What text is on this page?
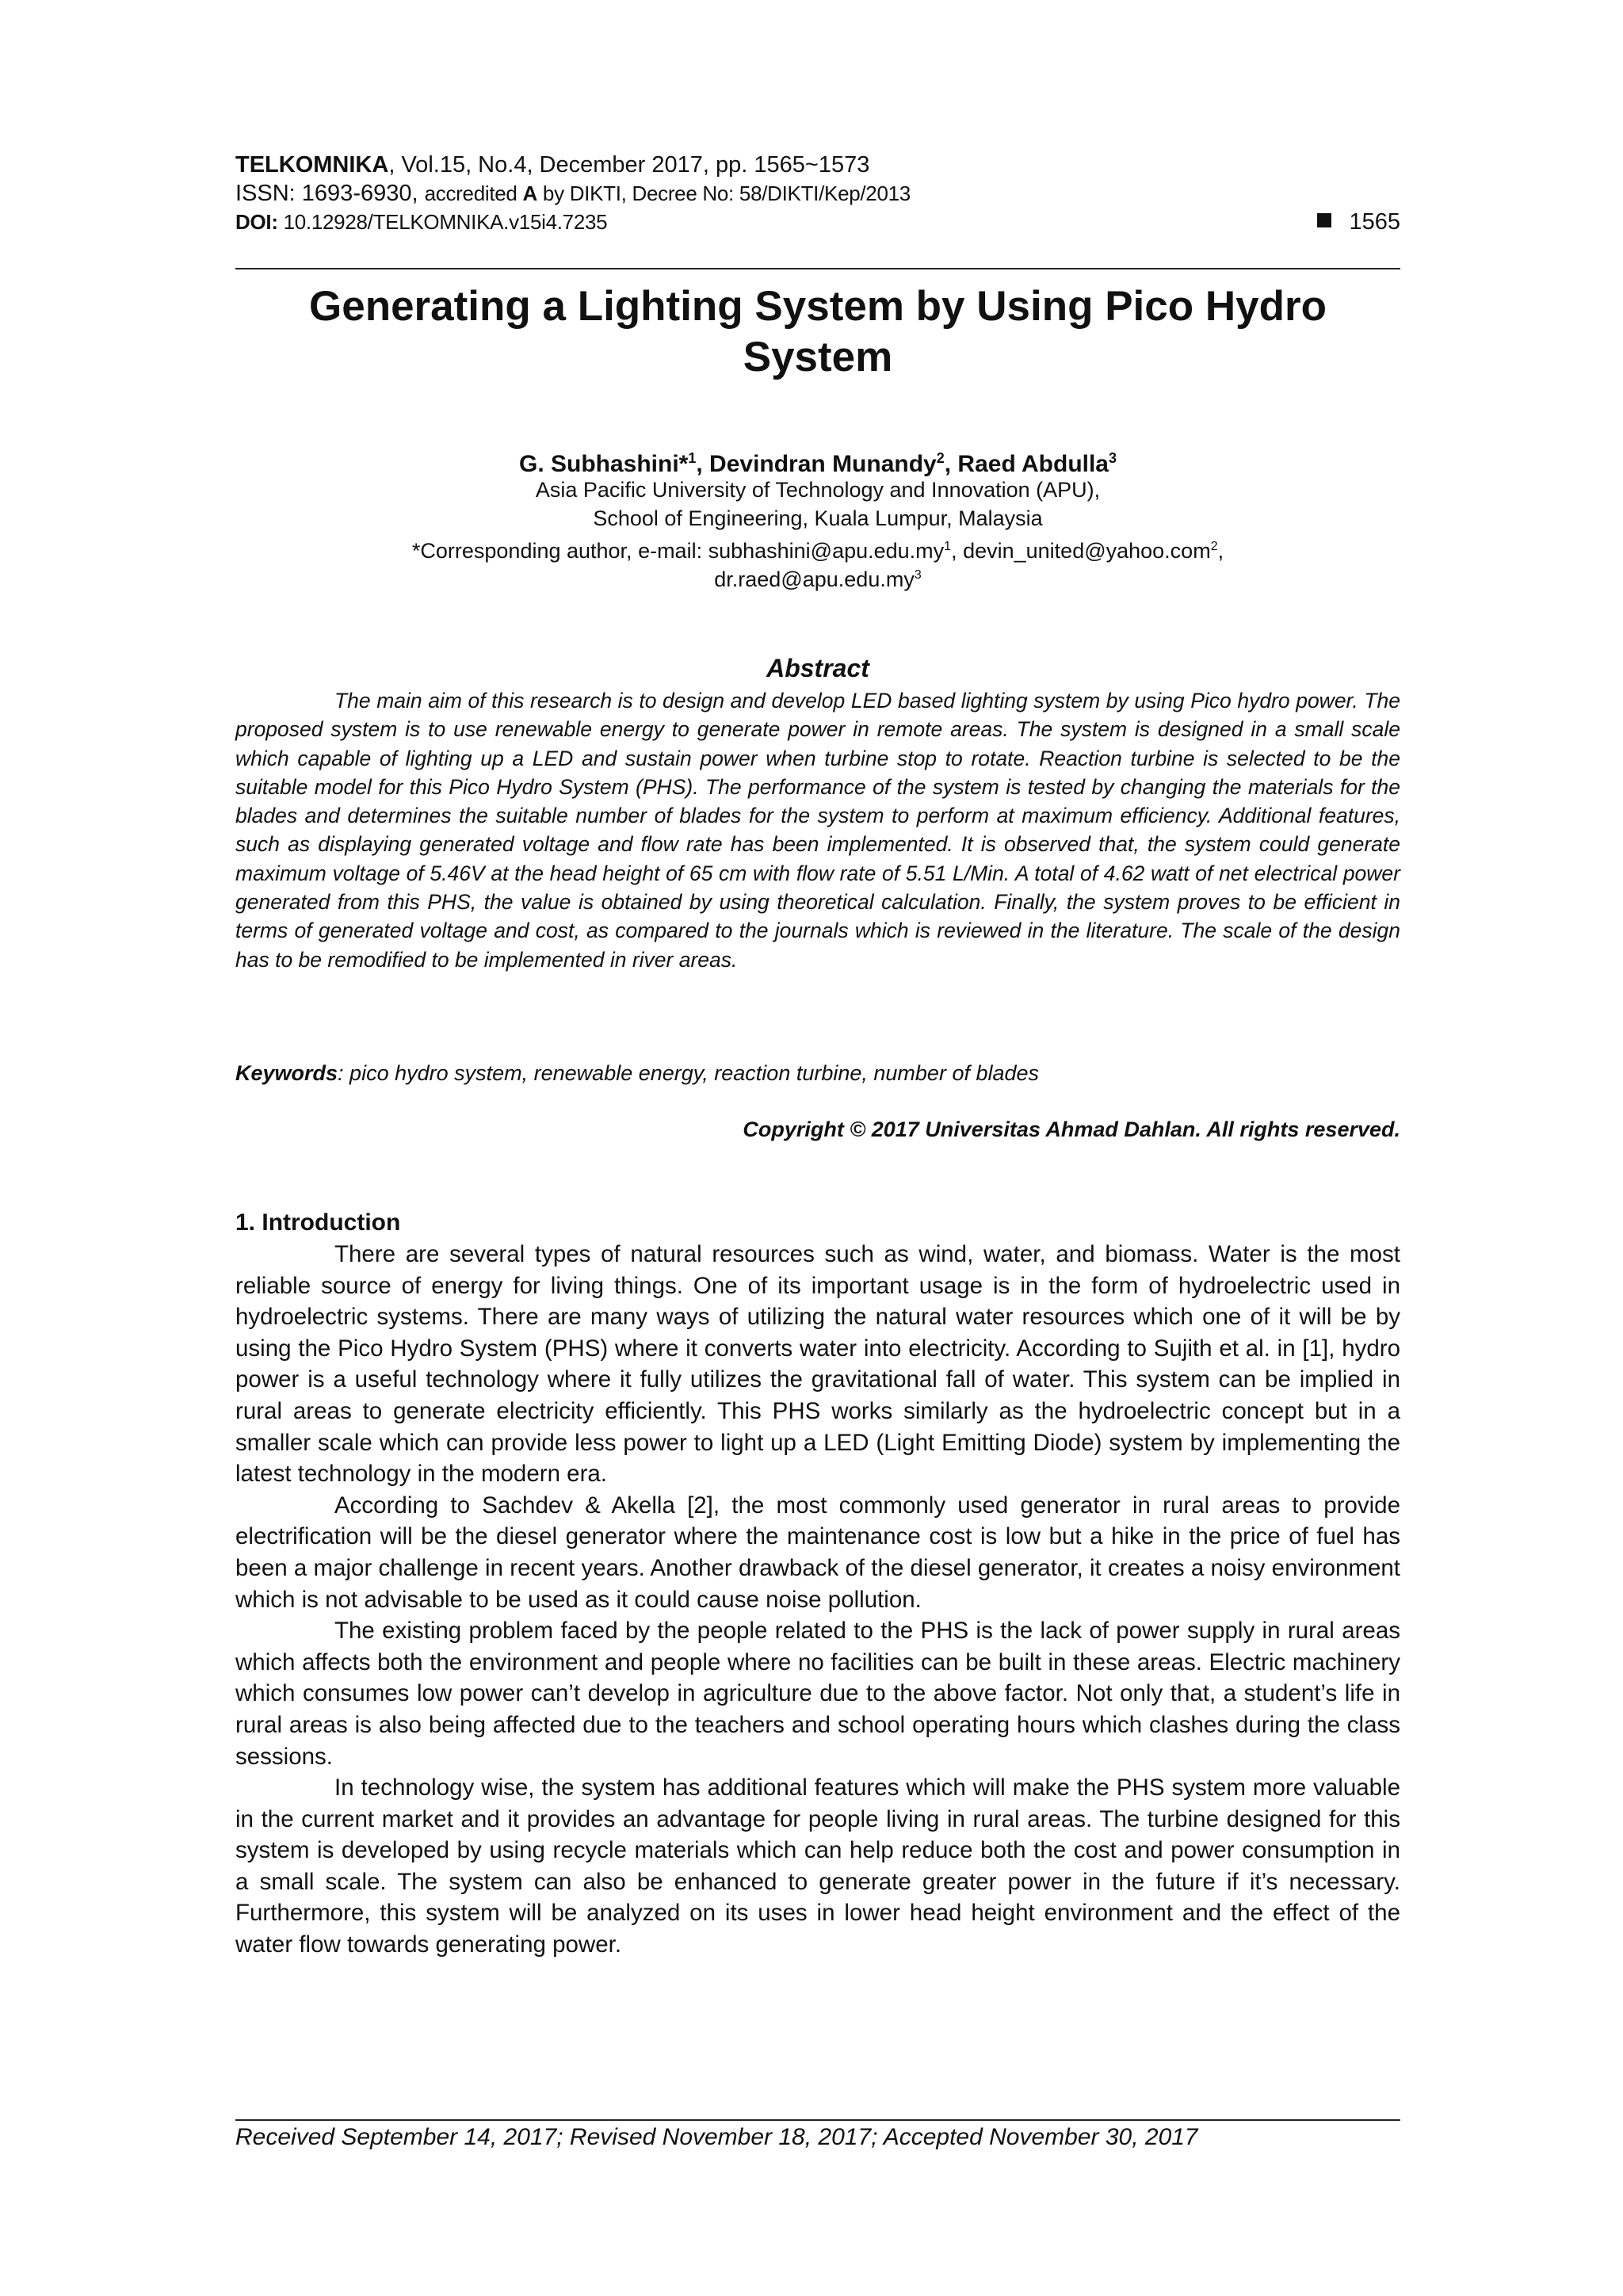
TELKOMNIKA, Vol.15, No.4, December 2017, pp. 1565~1573
ISSN: 1693-6930, accredited A by DIKTI, Decree No: 58/DIKTI/Kep/2013
DOI: 10.12928/TELKOMNIKA.v15i4.7235	1565
Generating a Lighting System by Using Pico Hydro
System
G. Subhashini*$^1$, Devindran Munandy$^2$, Raed Abdulla$^3$
Asia Pacific University of Technology and Innovation (APU),
School of Engineering, Kuala Lumpur, Malaysia
*Corresponding author, e-mail: $subhashini@apu.edu.my^1$, devin_united@yahoo.com$^2$,
$dr.raed@apu.edu.my^3$
Abstract

The main aim of this research is to design and develop LED based lighting system by using Pico hydro power. The proposed system is to use renewable energy to generate power in remote areas. The system is designed in a small scale which capable of lighting up a LED and sustain power when turbine stop to rotate. Reaction turbine is selected to be the suitable model for this Pico Hydro System (PHS). The performance of the system is tested by changing the materials for the blades and determines the suitable number of blades for the system to perform at maximum efficiency. Additional features, such as displaying generated voltage and flow rate has been implemented. It is observed that, the system could generate maximum voltage of 5.46V at the head height of 65 cm with flow rate of 5.51 L/Min. A total of 4.62 watt of net electrical power generated from this PHS, the value is obtained by using theoretical calculation. Finally, the system proves to be efficient in terms of generated voltage and cost, as compared to the journals which is reviewed in the literature. The scale of the design has to be remodified to be implemented in river areas.

Keywords: pico hydro system, renewable energy, reaction turbine, number of blades

Copyright © 2017 Universitas Ahmad Dahlan. All rights reserved.

1. Introduction

There are several types of natural resources such as wind, water, and biomass. Water is the most reliable source of energy for living things. One of its important usage is in the form of hydroelectric used in hydroelectric systems. There are many ways of utilizing the natural water resources which one of it will be by using the Pico Hydro System (PHS) where it converts water into electricity. According to Sujith et al. in [1], hydro power is a useful technology where it fully utilizes the gravitational fall of water. This system can be implied in rural areas to generate electricity efficiently. This PHS works similarly as the hydroelectric concept but in a smaller scale which can provide less power to light up a LED (Light Emitting Diode) system by implementing the latest technology in the modern era.

According to Sachdev & Akella [2], the most commonly used generator in rural areas to provide electrification will be the diesel generator where the maintenance cost is low but a hike in the price of fuel has been a major challenge in recent years. Another drawback of the diesel generator, it creates a noisy environment which is not advisable to be used as it could cause noise pollution.

The existing problem faced by the people related to the PHS is the lack of power supply in rural areas which affects both the environment and people where no facilities can be built in these areas. Electric machinery which consumes low power can’t develop in agriculture due to the above factor. Not only that, a student’s life in rural areas is also being affected due to the teachers and school operating hours which clashes during the class sessions.

In technology wise, the system has additional features which will make the PHS system more valuable in the current market and it provides an advantage for people living in rural areas. The turbine designed for this system is developed by using recycle materials which can help reduce both the cost and power consumption in a small scale. The system can also be enhanced to generate greater power in the future if it’s necessary. Furthermore, this system will be analyzed on its uses in lower head height environment and the effect of the water flow towards generating power.

Received September 14, 2017; Revised November 18, 2017; Accepted November 30, 2017
